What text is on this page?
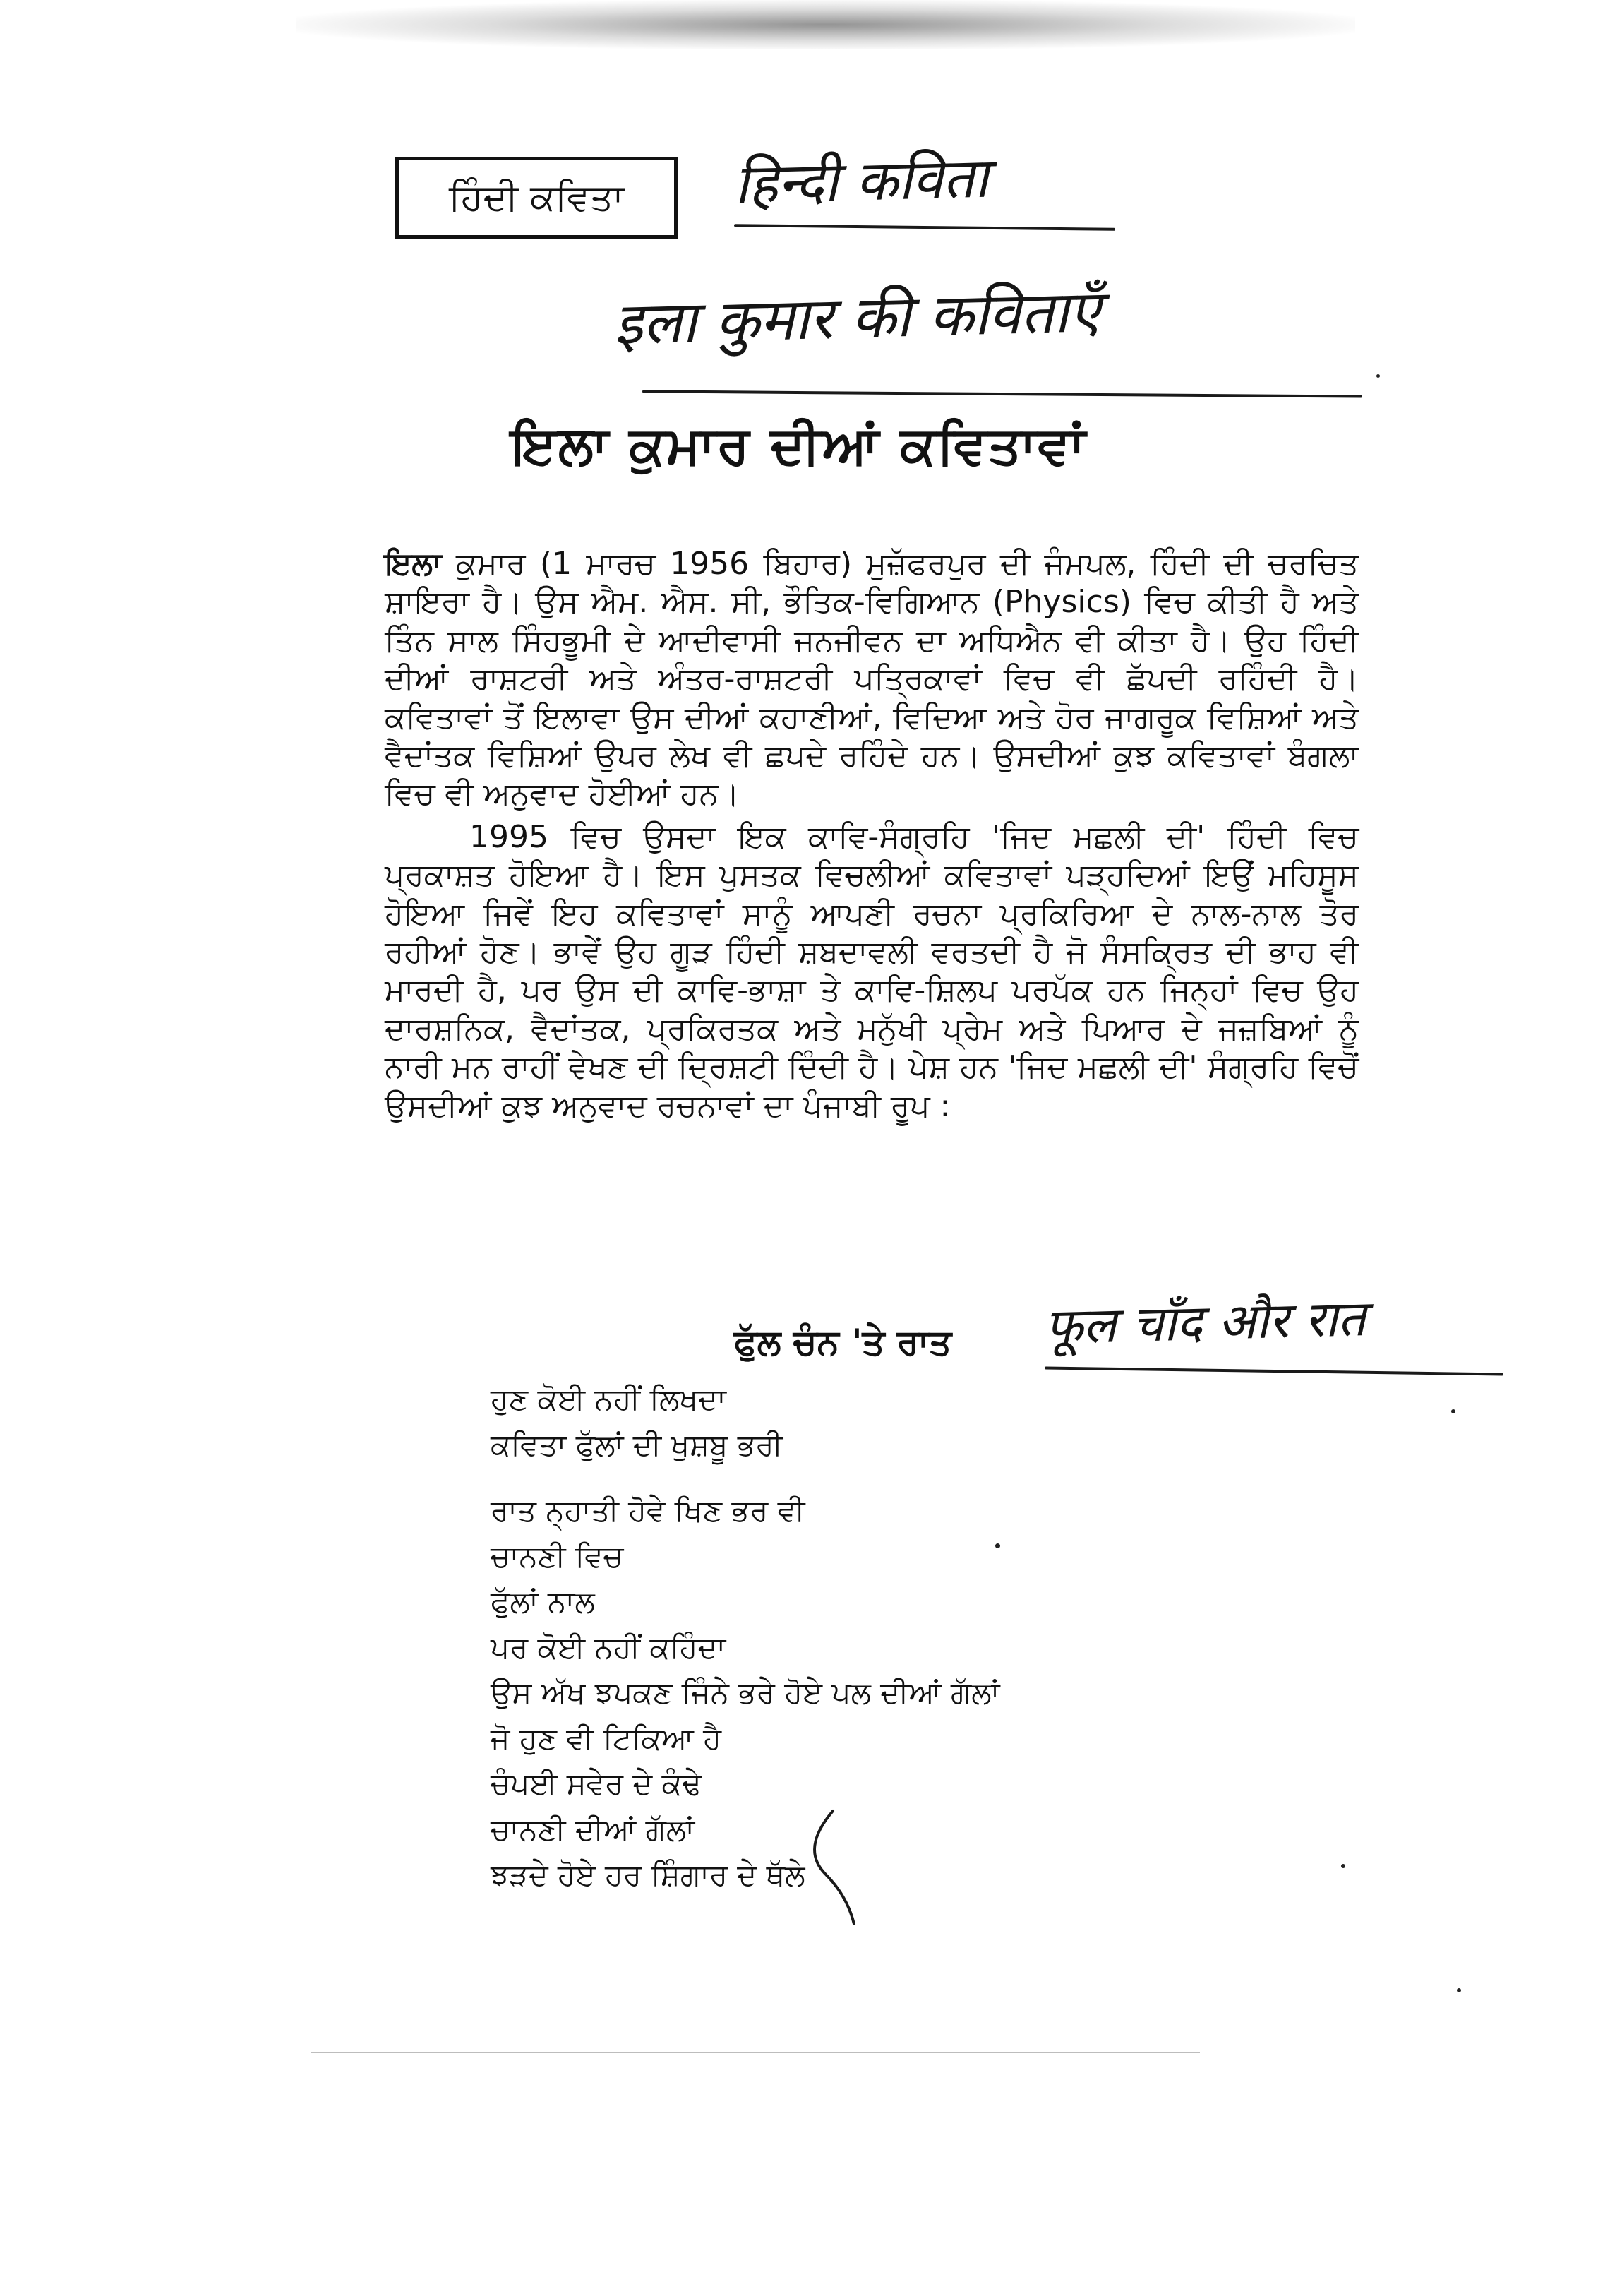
ਹਿੰਦੀ ਕਵਿਤਾ हिन्दी कविता
इला कुमार की कविताएँ
ਇਲਾ ਕੁਮਾਰ ਦੀਆਂ ਕਵਿਤਾਵਾਂ

ਇਲਾ ਕੁਮਾਰ (1 ਮਾਰਚ 1956 ਬਿਹਾਰ) ਮੁਜ਼ੱਫਰਪੁਰ ਦੀ ਜੰਮਪਲ, ਹਿੰਦੀ ਦੀ ਚਰਚਿਤ ਸ਼ਾਇਰਾ ਹੈ। ਉਸ ਐਮ. ਐਸ. ਸੀ, ਭੌਤਿਕ-ਵਿਗਿਆਨ (Physics) ਵਿਚ ਕੀਤੀ ਹੈ ਅਤੇ ਤਿੰਨ ਸਾਲ ਸਿੰਹਭੂਮੀ ਦੇ ਆਦੀਵਾਸੀ ਜਨਜੀਵਨ ਦਾ ਅਧਿਐਨ ਵੀ ਕੀਤਾ ਹੈ। ਉਹ ਹਿੰਦੀ ਦੀਆਂ ਰਾਸ਼ਟਰੀ ਅਤੇ ਅੰਤਰ-ਰਾਸ਼ਟਰੀ ਪਤ੍ਰਿਕਾਵਾਂ ਵਿਚ ਵੀ ਛੱਪਦੀ ਰਹਿੰਦੀ ਹੈ। ਕਵਿਤਾਵਾਂ ਤੋਂ ਇਲਾਵਾ ਉਸ ਦੀਆਂ ਕਹਾਣੀਆਂ, ਵਿਦਿਆ ਅਤੇ ਹੋਰ ਜਾਗਰੂਕ ਵਿਸ਼ਿਆਂ ਅਤੇ ਵੈਦਾਂਤਕ ਵਿਸ਼ਿਆਂ ਉਪਰ ਲੇਖ ਵੀ ਛਪਦੇ ਰਹਿੰਦੇ ਹਨ। ਉਸਦੀਆਂ ਕੁਝ ਕਵਿਤਾਵਾਂ ਬੰਗਲਾ ਵਿਚ ਵੀ ਅਨੁਵਾਦ ਹੋਈਆਂ ਹਨ।

1995 ਵਿਚ ਉਸਦਾ ਇਕ ਕਾਵਿ-ਸੰਗ੍ਰਹਿ 'ਜਿਦ ਮਛਲੀ ਦੀ' ਹਿੰਦੀ ਵਿਚ ਪ੍ਰਕਾਸ਼ਤ ਹੋਇਆ ਹੈ। ਇਸ ਪੁਸਤਕ ਵਿਚਲੀਆਂ ਕਵਿਤਾਵਾਂ ਪੜ੍ਹਦਿਆਂ ਇਉਂ ਮਹਿਸੂਸ ਹੋਇਆ ਜਿਵੇਂ ਇਹ ਕਵਿਤਾਵਾਂ ਸਾਨੂੰ ਆਪਣੀ ਰਚਨਾ ਪ੍ਰਕਿਰਿਆ ਦੇ ਨਾਲ-ਨਾਲ ਤੋਰ ਰਹੀਆਂ ਹੋਣ। ਭਾਵੇਂ ਉਹ ਗੂੜ ਹਿੰਦੀ ਸ਼ਬਦਾਵਲੀ ਵਰਤਦੀ ਹੈ ਜੋ ਸੰਸਕ੍ਰਿਤ ਦੀ ਭਾਹ ਵੀ ਮਾਰਦੀ ਹੈ, ਪਰ ਉਸ ਦੀ ਕਾਵਿ-ਭਾਸ਼ਾ ਤੇ ਕਾਵਿ-ਸ਼ਿਲਪ ਪਰਪੱਕ ਹਨ ਜਿਨ੍ਹਾਂ ਵਿਚ ਉਹ ਦਾਰਸ਼ਨਿਕ, ਵੈਦਾਂਤਕ, ਪ੍ਰਕਿਰਤਕ ਅਤੇ ਮਨੁੱਖੀ ਪ੍ਰੇਮ ਅਤੇ ਪਿਆਰ ਦੇ ਜਜ਼ਬਿਆਂ ਨੂੰ ਨਾਰੀ ਮਨ ਰਾਹੀਂ ਵੇਖਣ ਦੀ ਦ੍ਰਿਸ਼ਟੀ ਦਿੰਦੀ ਹੈ। ਪੇਸ਼ ਹਨ 'ਜਿਦ ਮਛਲੀ ਦੀ' ਸੰਗ੍ਰਹਿ ਵਿਚੋਂ ਉਸਦੀਆਂ ਕੁਝ ਅਨੁਵਾਦ ਰਚਨਾਵਾਂ ਦਾ ਪੰਜਾਬੀ ਰੂਪ :

ਫੁੱਲ ਚੰਨ 'ਤੇ ਰਾਤ फूल चाँद और रात
ਹੁਣ ਕੋਈ ਨਹੀਂ ਲਿਖਦਾ
ਕਵਿਤਾ ਫੁੱਲਾਂ ਦੀ ਖੁਸ਼ਬੂ ਭਰੀ
ਰਾਤ ਨ੍ਹਾਤੀ ਹੋਵੇ ਖਿਣ ਭਰ ਵੀ
ਚਾਨਣੀ ਵਿਚ
ਫੁੱਲਾਂ ਨਾਲ
ਪਰ ਕੋਈ ਨਹੀਂ ਕਹਿੰਦਾ
ਉਸ ਅੱਖ ਝਪਕਣ ਜਿੰਨੇ ਭਰੇ ਹੋਏ ਪਲ ਦੀਆਂ ਗੱਲਾਂ
ਜੋ ਹੁਣ ਵੀ ਟਿਕਿਆ ਹੈ
ਚੰਪਈ ਸਵੇਰ ਦੇ ਕੰਢੇ
ਚਾਨਣੀ ਦੀਆਂ ਗੱਲਾਂ
ਝੜਦੇ ਹੋਏ ਹਰ ਸ਼ਿੰਗਾਰ ਦੇ ਥੱਲੇ
